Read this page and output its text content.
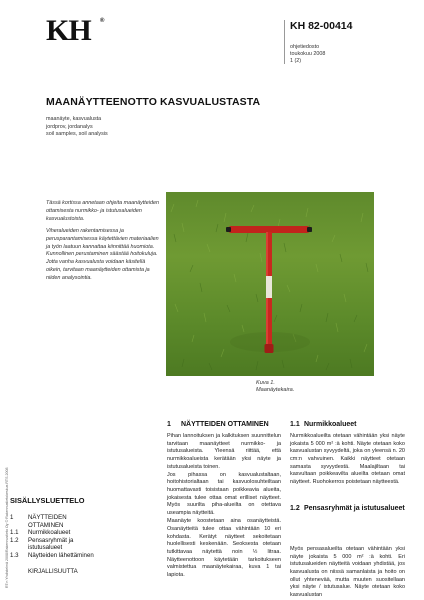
KH	®	KH 82-00414
ohjetiedosto
toukokuu 2008
1 (2)
MAANÄYTTEENOTTO KASVUALUSTASTA
maanäyte, kasvualusta
jordprov, jordanalys
soil samples, soil analysis

Tässä kortissa annetaan ohjeita maanäytteiden ottamisesta nurmikko- ja istutusalueiden kasvualustoista.

Viheralueiden rakentamisessa ja perusparantamisessa käytettävien materiaalien ja työn laatuun kannattaa kiinnittää huomiota. Kunnollinen perustaminen säästää hoitokuluja. Jotta vanha kasvualusta voidaan käsitellä oikein, tarvitaan maanäytteiden ottamista ja niiden analysointia.

Kuva 1.
Maanäytekaira.
RT:n Yhdistelmä 2008/Rakennustieto Oy © Rakennustietokeskus RTS 2008 SISÄLLYSLUETTELO
1	NÄYTTEIDEN
OTTAMINEN
1.1	Nurmikkoalueet
1.2	Pensasryhmät ja
istutusalueet
1.3	Näytteiden lähettäminen
KIRJALLISUUTTA
1 NÄYTTEIDEN OTTAMINEN

Pihan lannoituksen ja kalkituksen suunnittelun tarvitaan maanäytteet nurmikko- ja istutusalueista. Yleensä riittää, että nurmikkoalueista kerätään yksi näyte ja istutusalueista toinen.

Jos pihassa on kasvualustaltaan, hoitohistorialtaan tai kasvuolosuhteiltaan huomattavasti toisistaan poikkeavia alueita, jokaisesta tulee ottaa omat erilliset näytteet. Myös suurilta piha-alueilta on otettava useampia näytteitä.

Maanäyte koostetaan aina osanäytteistä. Osanäytteitä tulee ottaa vähintään 10 eri kohdasta. Kerätyt näytteet sekoitetaan huolellisesti keskenään. Seoksesta otetaan tutkittavaa näytettä noin ½ litraa. Näytteenottoon käytetään tarkoitukseen valmistettua maanäytekairaa, kuva 1 tai lapiota.

1.1 Nurmikkoalueet

Nurmikkoalueilta otetaan vähintään yksi näyte jokaista 5 000 m² :ä kohti. Näyte otetaan koko kasvualustan syvyydeltä, joka on yleensä n. 20 cm:n vahvuinen. Kaikki näytteet otetaan samasta syvyydestä. Maalajiltaan tai kasvultaan poikkeavilta alueilta otetaan omat näytteet. Ruohokerros poistetaan näytteestä.

1.2 Pensasryhmät ja istutusalueet

Myös pensasalueilta otetaan vähintään yksi näyte jokaista 5 000 m² :ä kohti. Eri istutusalueiden näytteitä voidaan yhdistää, jos kasvualusta on niissä samanlaista ja hoito on ollut yhtenevää, mutta muuten suositellaan yksi näyte / istutusalue. Näyte otetaan koko kasvualustan
